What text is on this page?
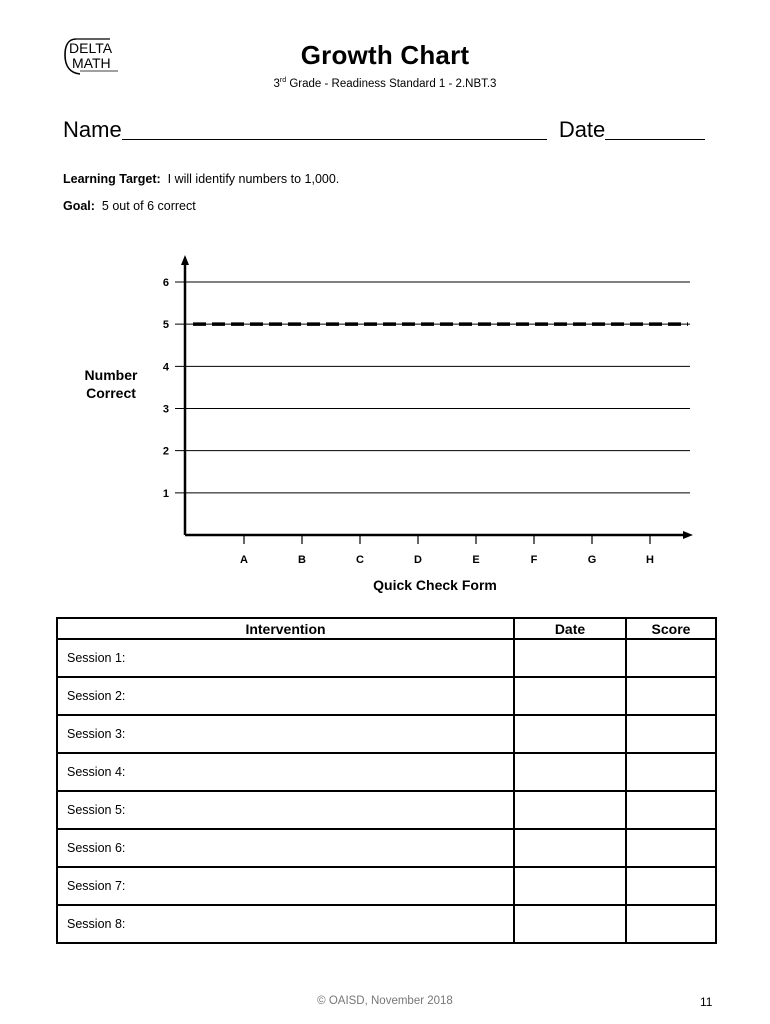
DELTA
MATH	Growth Chart
3rd Grade - Readiness Standard 1 - 2.NBT.3
Name	Date
Learning Target: I will identify numbers to 1,000.
Goal: 5 out of 6 correct
Number Correct
1
2
3
4
5
6
A	B	C	D	E	F	G	H
Quick Check Form
Intervention	Date	Score
Session 1:		
Session 2:		
Session 3:		
Session 4:		
Session 5:		
Session 6:		
Session 7:		
Session 8:		
© OAISD, November 2018	11
